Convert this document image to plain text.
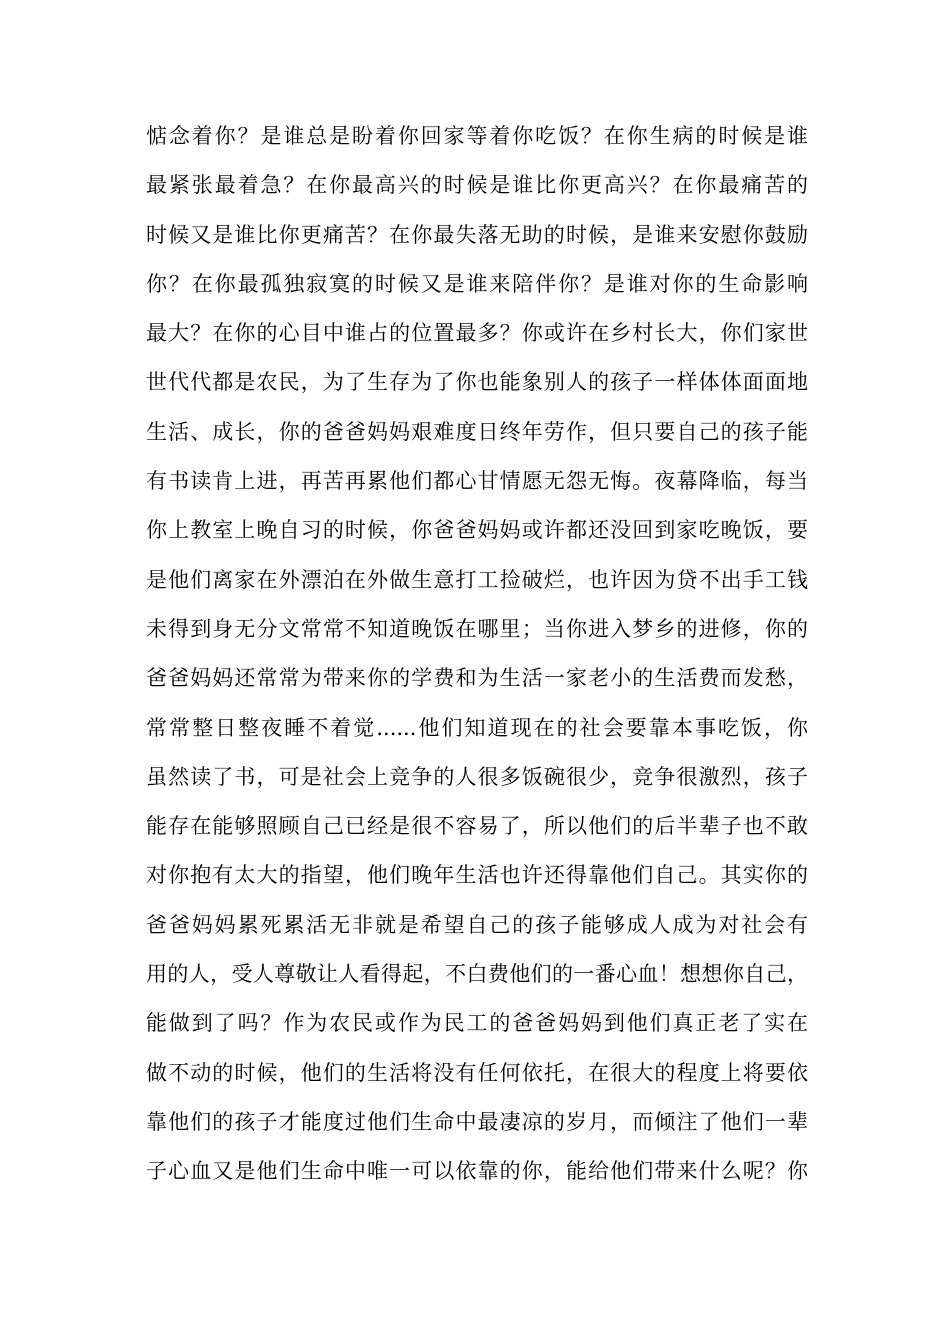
惦念着你？是谁总是盼着你回家等着你吃饭？在你生病的时候是谁
最紧张最着急？在你最高兴的时候是谁比你更高兴？在你最痛苦的
时候又是谁比你更痛苦？在你最失落无助的时候，是谁来安慰你鼓励
你？在你最孤独寂寞的时候又是谁来陪伴你？是谁对你的生命影响
最大？在你的心目中谁占的位置最多？你或许在乡村长大，你们家世
世代代都是农民，为了生存为了你也能象别人的孩子一样体体面面地
生活、成长，你的爸爸妈妈艰难度日终年劳作，但只要自己的孩子能
有书读肯上进，再苦再累他们都心甘情愿无怨无悔。夜幕降临，每当
你上教室上晚自习的时候，你爸爸妈妈或许都还没回到家吃晚饭，要
是他们离家在外漂泊在外做生意打工捡破烂，也许因为贷不出手工钱
未得到身无分文常常不知道晚饭在哪里；当你进入梦乡的进修，你的
爸爸妈妈还常常为带来你的学费和为生活一家老小的生活费而发愁，
常常整日整夜睡不着觉......他们知道现在的社会要靠本事吃饭，你
虽然读了书，可是社会上竞争的人很多饭碗很少，竞争很激烈，孩子
能存在能够照顾自己已经是很不容易了，所以他们的后半辈子也不敢
对你抱有太大的指望，他们晚年生活也许还得靠他们自己。其实你的
爸爸妈妈累死累活无非就是希望自己的孩子能够成人成为对社会有
用的人，受人尊敬让人看得起，不白费他们的一番心血！想想你自己，
能做到了吗？作为农民或作为民工的爸爸妈妈到他们真正老了实在
做不动的时候，他们的生活将没有任何依托，在很大的程度上将要依
靠他们的孩子才能度过他们生命中最凄凉的岁月，而倾注了他们一辈
子心血又是他们生命中唯一可以依靠的你，能给他们带来什么呢？你
